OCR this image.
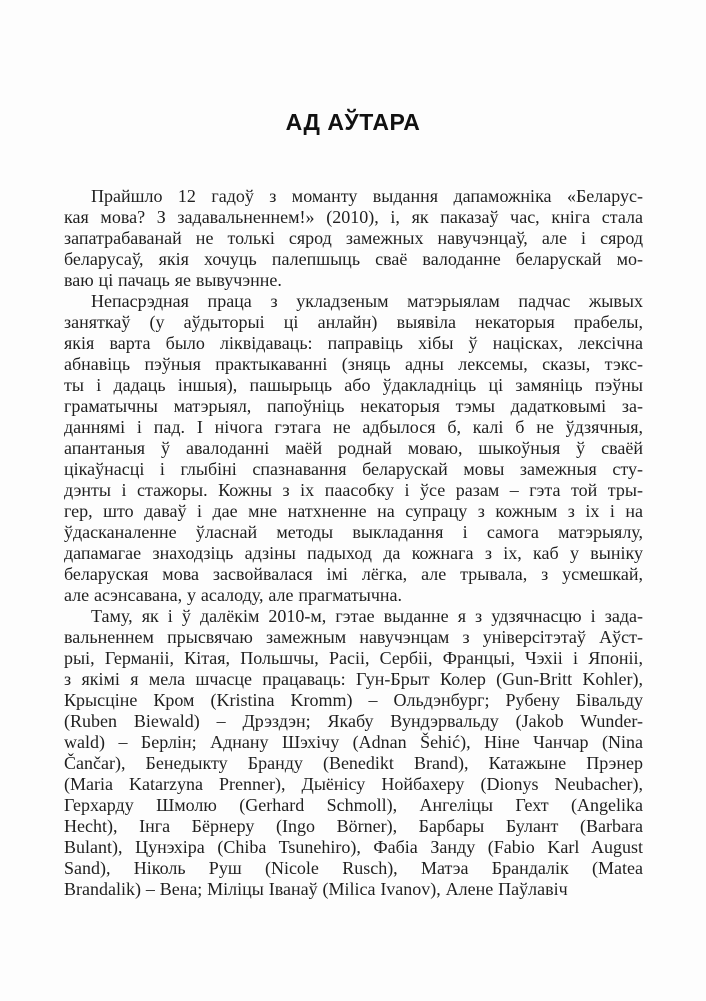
АД АЎТАРА
Прайшло 12 гадоў з моманту выдання дапаможніка «Беларус-
кая мова? З задавальненнем!» (2010), і, як паказаў час, кніга стала
запатрабаванай не толькі сярод замежных навучэнцаў, але і сярод
беларусаў, якія хочуць палепшыць сваё валоданне беларускай мо-
ваю ці пачаць яе вывучэнне.
Непасрэдная праца з укладзеным матэрыялам падчас жывых
заняткаў (у аўдыторыі ці анлайн) выявіла некаторыя прабелы,
якія варта было ліквідаваць: паправіць хібы ў націсках, лексічна
абнавіць пэўныя практыкаванні (зняць адны лексемы, сказы, тэкс-
ты і дадаць іншыя), пашырыць або ўдакладніць ці замяніць пэўны
граматычны матэрыял, папоўніць некаторыя тэмы дадатковымі за-
даннямі і пад. І нічога гэтага не адбылося б, калі б не ўдзячныя,
апантаныя ў авалоданні маёй роднай моваю, шыкоўныя ў сваёй
цікаўнасці і глыбіні спазнавання беларускай мовы замежныя сту-
дэнты і стажоры. Кожны з іх паасобку і ўсе разам – гэта той тры-
гер, што даваў і дае мне натхненне на супрацу з кожным з іх і на
ўдасканаленне ўласнай методы выкладання і самога матэрыялу,
дапамагае знаходзіць адзіны падыход да кожнага з іх, каб у выніку
беларуская мова засвойвалася імі лёгка, але трывала, з усмешкай,
але асэнсавана, у асалоду, але прагматычна.
Таму, як і ў далёкім 2010-м, гэтае выданне я з удзячнасцю і зада-
вальненнем прысвячаю замежным навучэнцам з універсітэтаў Аўст-
рыі, Германіі, Кітая, Польшчы, Расіі, Сербіі, Францыі, Чэхіі і Японіі,
з якімі я мела шчасце працаваць: Гун-Брыт Колер (Gun-Britt Kohler),
Крысціне Кром (Kristina Kromm) – Ольдэнбург; Рубену Бівальду
(Ruben Biewald) – Дрэздэн; Якабу Вундэрвальду (Jakob Wunder-
wald) – Берлін; Аднану Шэхічу (Adnan Šehić), Ніне Чанчар (Nina
Čančar), Бенедыкту Бранду (Benedikt Brand), Катажыне Прэнер
(Maria Katarzyna Prenner), Дыёнісу Нойбахеру (Dionys Neubacher),
Герхарду Шмолю (Gerhard Schmoll), Ангеліцы Гехт (Angelika
Hecht), Інга Бёрнеру (Ingo Börner), Барбары Булант (Barbara
Bulant), Цунэхіра (Chiba Tsunehiro), Фабіа Занду (Fabio Karl August
Sand), Ніколь Руш (Nicole Rusch), Матэа Брандалік (Matea
Brandalik) – Вена; Міліцы Іванаў (Milica Ivanov), Алене Паўлавіч
